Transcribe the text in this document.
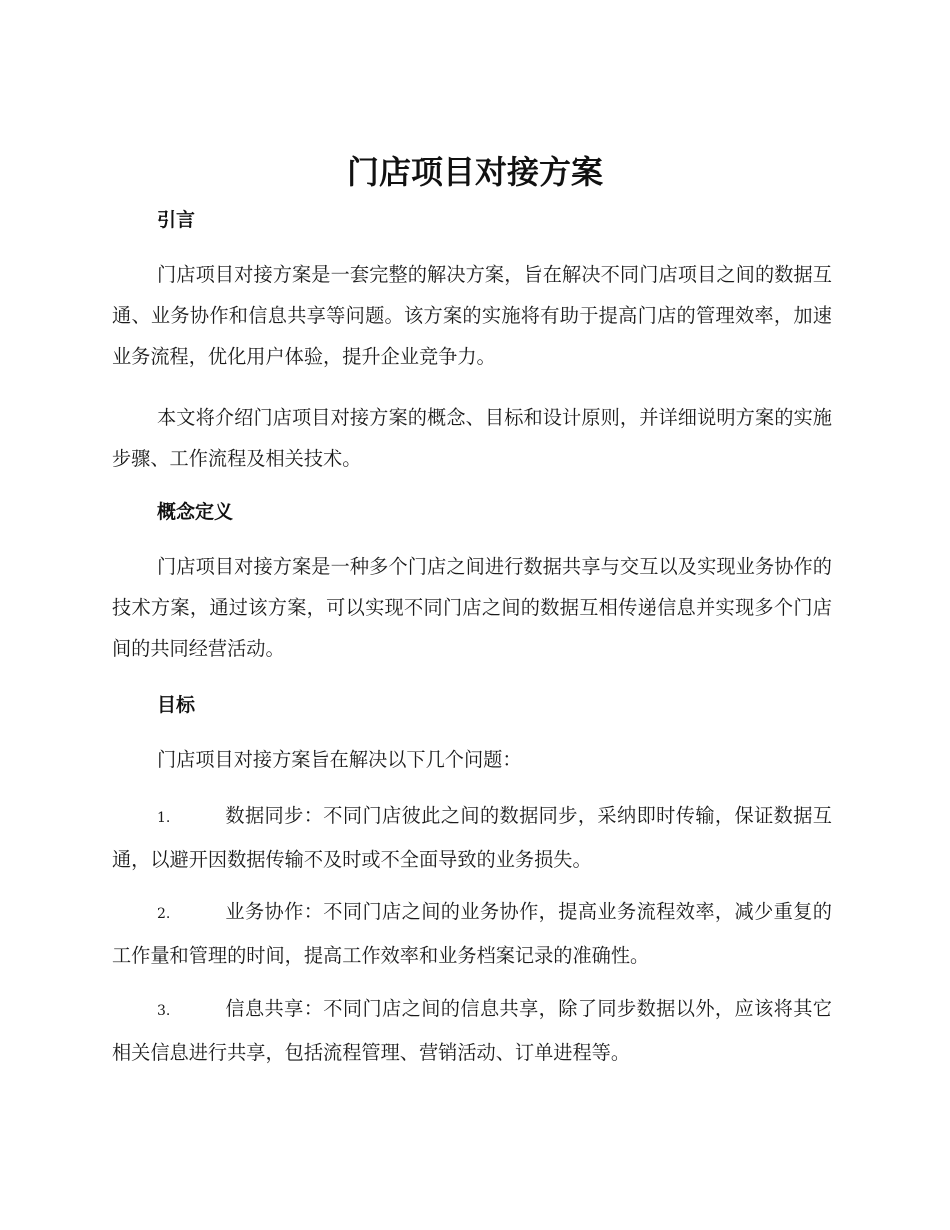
门店项目对接方案
引言
门店项目对接方案是一套完整的解决方案，旨在解决不同门店项目之间的数据互通、业务协作和信息共享等问题。该方案的实施将有助于提高门店的管理效率，加速业务流程，优化用户体验，提升企业竞争力。
本文将介绍门店项目对接方案的概念、目标和设计原则，并详细说明方案的实施步骤、工作流程及相关技术。
概念定义
门店项目对接方案是一种多个门店之间进行数据共享与交互以及实现业务协作的技术方案，通过该方案，可以实现不同门店之间的数据互相传递信息并实现多个门店间的共同经营活动。
目标
门店项目对接方案旨在解决以下几个问题：
1.	数据同步：不同门店彼此之间的数据同步，采纳即时传输，保证数据互通，以避开因数据传输不及时或不全面导致的业务损失。
2.	业务协作：不同门店之间的业务协作，提高业务流程效率，减少重复的工作量和管理的时间，提高工作效率和业务档案记录的准确性。
3.	信息共享：不同门店之间的信息共享，除了同步数据以外，应该将其它相关信息进行共享，包括流程管理、营销活动、订单进程等。
